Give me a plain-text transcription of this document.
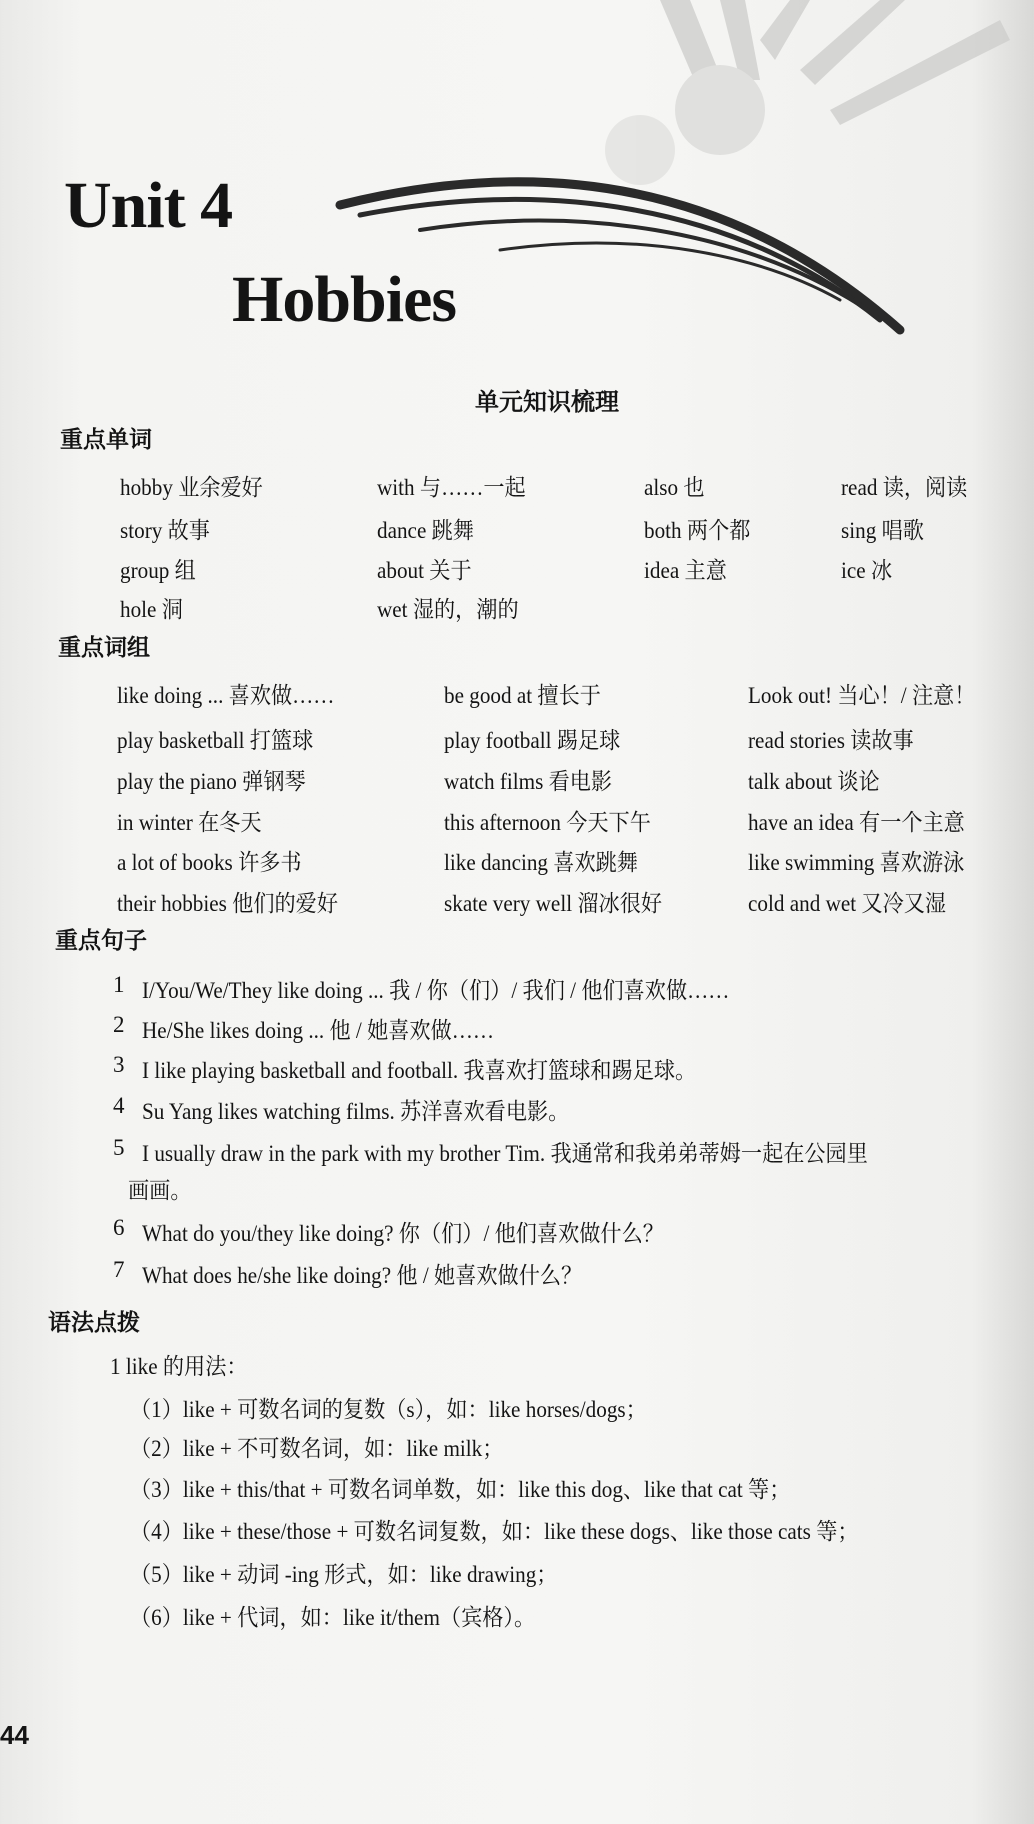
Unit 4
Hobbies
单元知识梳理
重点单词
hobby 业余爱好	with 与……一起	also 也	read 读，阅读
story 故事	dance 跳舞	both 两个都	sing 唱歌
group 组	about 关于	idea 主意	ice 冰
hole 洞	wet 湿的，潮的
重点词组
like doing ... 喜欢做……	be good at 擅长于	Look out! 当心！/ 注意！
play basketball 打篮球	play football 踢足球	read stories 读故事
play the piano 弹钢琴	watch films 看电影	talk about 谈论
in winter 在冬天	this afternoon 今天下午	have an idea 有一个主意
a lot of books 许多书	like dancing 喜欢跳舞	like swimming 喜欢游泳
their hobbies 他们的爱好	skate very well 溜冰很好	cold and wet 又冷又湿
重点句子
1 I/You/We/They like doing ... 我 / 你（们）/ 我们 / 他们喜欢做……
2 He/She likes doing ... 他 / 她喜欢做……
3 I like playing basketball and football. 我喜欢打篮球和踢足球。
4 Su Yang likes watching films. 苏洋喜欢看电影。
5 I usually draw in the park with my brother Tim. 我通常和我弟弟蒂姆一起在公园里
画画。
6 What do you/they like doing? 你（们）/ 他们喜欢做什么？
7 What does he/she like doing? 他 / 她喜欢做什么？
语法点拨
1 like 的用法：
（1）like + 可数名词的复数（s），如：like horses/dogs；
（2）like + 不可数名词，如：like milk；
（3）like + this/that + 可数名词单数，如：like this dog、like that cat 等；
（4）like + these/those + 可数名词复数，如：like these dogs、like those cats 等；
（5）like + 动词 -ing 形式，如：like drawing；
（6）like + 代词，如：like it/them（宾格）。
44
